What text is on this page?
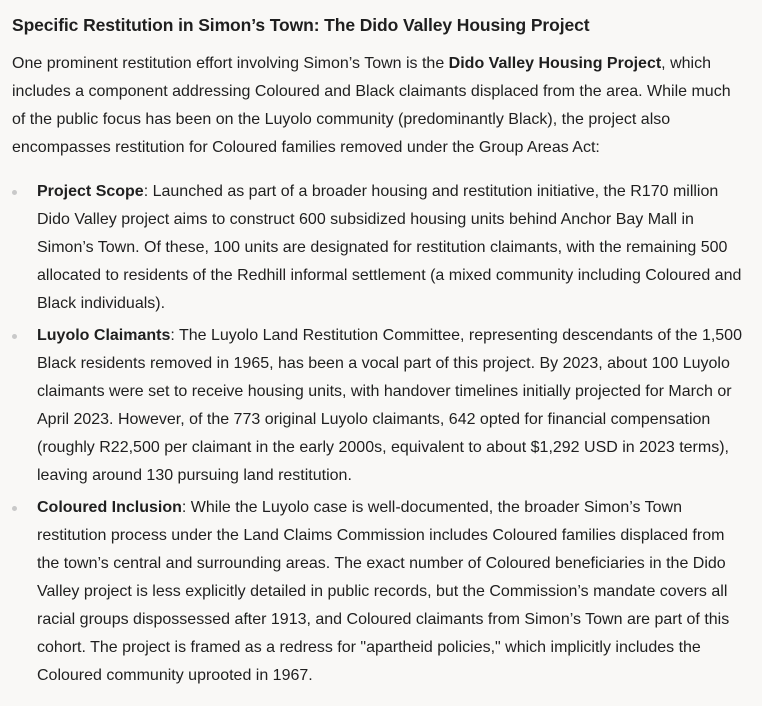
Specific Restitution in Simon’s Town: The Dido Valley Housing Project

One prominent restitution effort involving Simon’s Town is the Dido Valley Housing Project, which includes a component addressing Coloured and Black claimants displaced from the area. While much of the public focus has been on the Luyolo community (predominantly Black), the project also encompasses restitution for Coloured families removed under the Group Areas Act:

Project Scope: Launched as part of a broader housing and restitution initiative, the R170 million Dido Valley project aims to construct 600 subsidized housing units behind Anchor Bay Mall in Simon’s Town. Of these, 100 units are designated for restitution claimants, with the remaining 500 allocated to residents of the Redhill informal settlement (a mixed community including Coloured and Black individuals).
Luyolo Claimants: The Luyolo Land Restitution Committee, representing descendants of the 1,500 Black residents removed in 1965, has been a vocal part of this project. By 2023, about 100 Luyolo claimants were set to receive housing units, with handover timelines initially projected for March or April 2023. However, of the 773 original Luyolo claimants, 642 opted for financial compensation (roughly R22,500 per claimant in the early 2000s, equivalent to about $1,292 USD in 2023 terms), leaving around 130 pursuing land restitution.
Coloured Inclusion: While the Luyolo case is well-documented, the broader Simon’s Town restitution process under the Land Claims Commission includes Coloured families displaced from the town’s central and surrounding areas. The exact number of Coloured beneficiaries in the Dido Valley project is less explicitly detailed in public records, but the Commission’s mandate covers all racial groups dispossessed after 1913, and Coloured claimants from Simon’s Town are part of this cohort. The project is framed as a redress for "apartheid policies," which implicitly includes the Coloured community uprooted in 1967.
